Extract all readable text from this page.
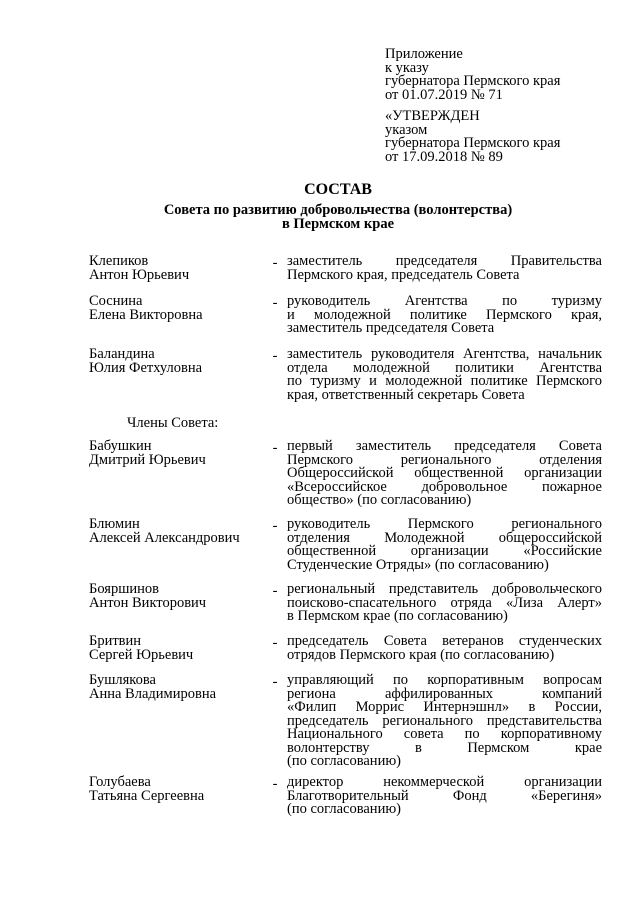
Приложение
к указу
губернатора Пермского края
от 01.07.2019 № 71
«УТВЕРЖДЕН
указом
губернатора Пермского края
от 17.09.2018 № 89
СОСТАВ
Совета по развитию добровольчества (волонтерства)
в Пермском крае
Клепиков
Антон Юрьевич
- заместитель председателя Правительства
Пермского края, председатель Совета
Соснина
Елена Викторовна
- руководитель Агентства по туризму
и молодежной политике Пермского края,
заместитель председателя Совета
Баландина
Юлия Фетхуловна
- заместитель руководителя Агентства, начальник
отдела молодежной политики Агентства
по туризму и молодежной политике Пермского
края, ответственный секретарь Совета
Члены Совета:
Бабушкин
Дмитрий Юрьевич
- первый заместитель председателя Совета
Пермского регионального отделения
Общероссийской общественной организации
«Всероссийское добровольное пожарное
общество» (по согласованию)
Блюмин
Алексей Александрович
- руководитель Пермского регионального
отделения Молодежной общероссийской
общественной организации «Российские
Студенческие Отряды» (по согласованию)
Бояршинов
Антон Викторович
- региональный представитель добровольческого
поисково-спасательного отряда «Лиза Алерт»
в Пермском крае (по согласованию)
Бритвин
Сергей Юрьевич
- председатель Совета ветеранов студенческих
отрядов Пермского края (по согласованию)
Бушлякова
Анна Владимировна
- управляющий по корпоративным вопросам
региона аффилированных компаний
«Филип Моррис Интернэшнл» в России,
председатель регионального представительства
Национального совета по корпоративному
волонтерству в Пермском крае
(по согласованию)
Голубаева
Татьяна Сергеевна
- директор некоммерческой организации
Благотворительный Фонд «Берегиня»
(по согласованию)
